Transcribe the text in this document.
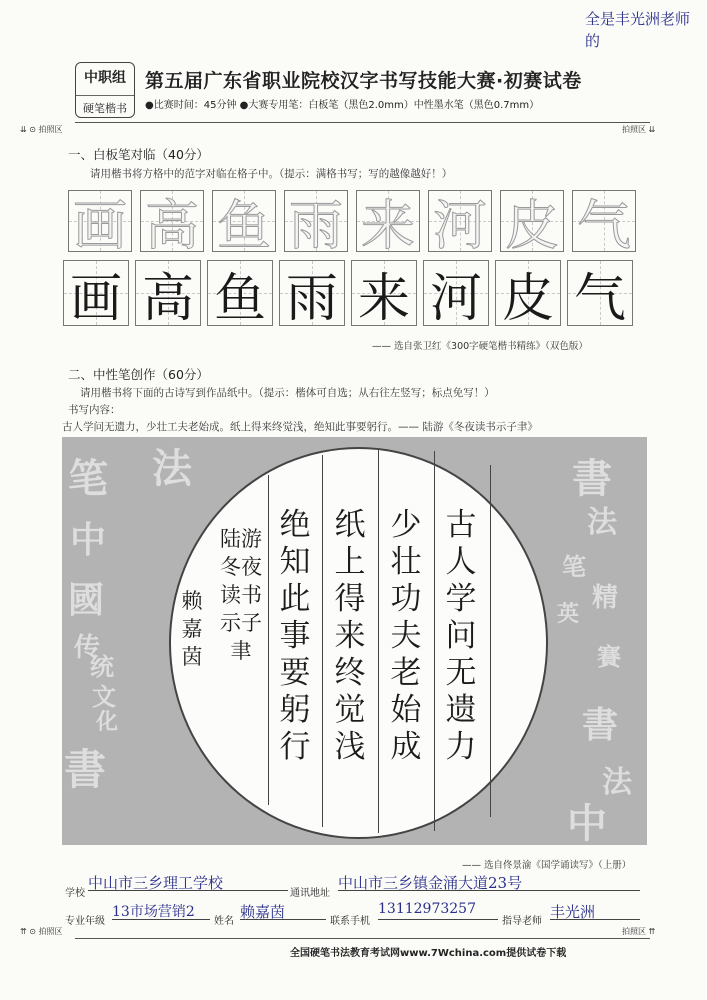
全是丰光洲老师的
中职组
硬笔楷书
第五届广东省职业院校汉字书写技能大赛·初赛试卷
●比赛时间：45分钟 ●大赛专用笔：白板笔（黑色2.0mm）中性墨水笔（黑色0.7mm）
⇊ ⊙ 拍照区	拍照区 ⇊
一、白板笔对临（40分）
请用楷书将方格中的范字对临在格子中。（提示：满格书写；写的越像越好！）
画 高 鱼 雨 来 河 皮 气
画 高 鱼 雨 来 河 皮 气
—— 选自张卫红《300字硬笔楷书精练》（双色版）
二、中性笔创作（60分）
请用楷书将下面的古诗写到作品纸中。（提示：楷体可自选；从右往左竖写；标点免写！）
书写内容：
古人学问无遗力，少壮工夫老始成。纸上得来终觉浅，绝知此事要躬行。—— 陆游《冬夜读书示子聿》
笔
中
國
传
统
文
化
書
法	書
法
笔
精
英
賽
書
法
中
古人学问无遗力
少壮功夫老始成
纸上得来终觉浅
绝知此事要躬行
陆游冬夜读书示子聿
赖嘉茵
—— 选自佟景渝《国学诵读写》（上册）
学校
中山市三乡理工学校
通讯地址
中山市三乡镇金涌大道23号
专业年级
13市场营销2
姓名
赖嘉茵
联系手机
13112973257
指导老师
丰光洲
⇈ ⊙ 拍照区	拍照区 ⇈
全国硬笔书法教育考试网www.7Wchina.com提供试卷下载
